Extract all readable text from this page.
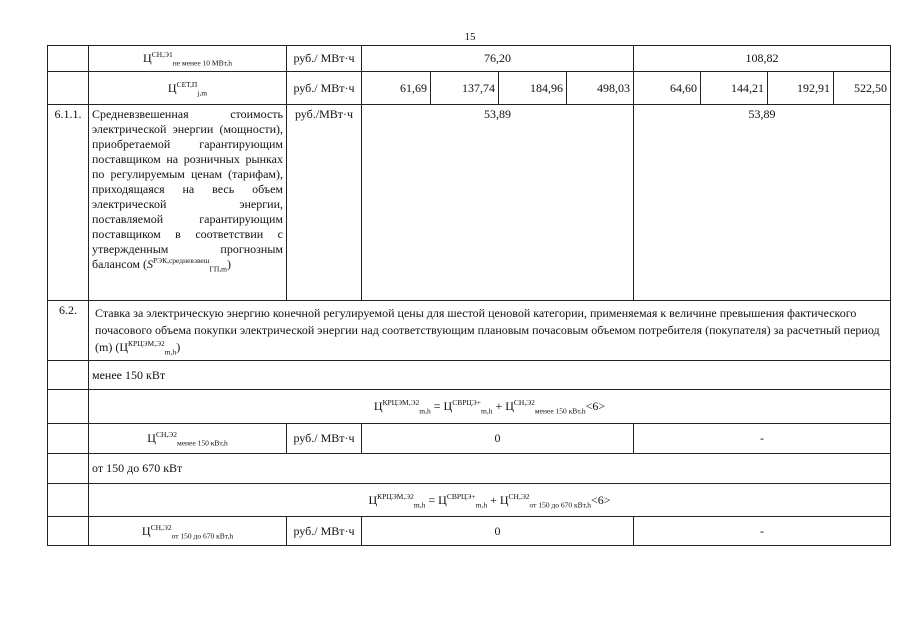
15
	$Ц^{СН,Э1}_{не менее 10 МВт,h}$	руб./ МВт·ч	76,20				108,82			
	$Ц^{СЕТ,П}_{j,m}$	руб./ МВт·ч	61,69	137,74	184,96	498,03	64,60	144,21	192,91	522,50
6.1.1.	Средневзвешенная стоимость электрической энергии (мощности), приобретаемой гарантирующим поставщиком на розничных рынках по регулируемым ценам (тарифам), приходящаяся на весь объем электрической энергии, поставляемой гарантирующим поставщиком в соответствии с утвержденным прогнозным балансом $(S^{РЭК,средневзвеш}_{ГП,m})$	руб./МВт·ч	53,89				53,89			
6.2.	Ставка за электрическую энергию конечной регулируемой цены для шестой ценовой категории, применяемая к величине превышения фактического почасового объема покупки электрической энергии над соответствующим плановым почасовым объемом потребителя (покупателя) за расчетный период (m) $(Ц^{КРЦЭМ,Э2}_{m,h})$									
	менее 150 кВт									
	$Ц^{КРЦЭМ,Э2}_{m,h} = Ц^{СВРЦЭ+}_{m,h} + Ц^{СН,Э2}_{менее 150 кВт,h}<6>$									
	$Ц^{СН,Э2}_{менее 150 кВт,h}$	руб./ МВт·ч	0				-			
	от 150 до 670 кВт									
	$Ц^{КРЦЭМ,Э2}_{m,h} = Ц^{СВРЦЭ+}_{m,h} + Ц^{СН,Э2}_{от 150 до 670 кВт,h}<6>$									
	$Ц^{СН,Э2}_{от 150 до 670 кВт,h}$	руб./ МВт·ч	0				-			
